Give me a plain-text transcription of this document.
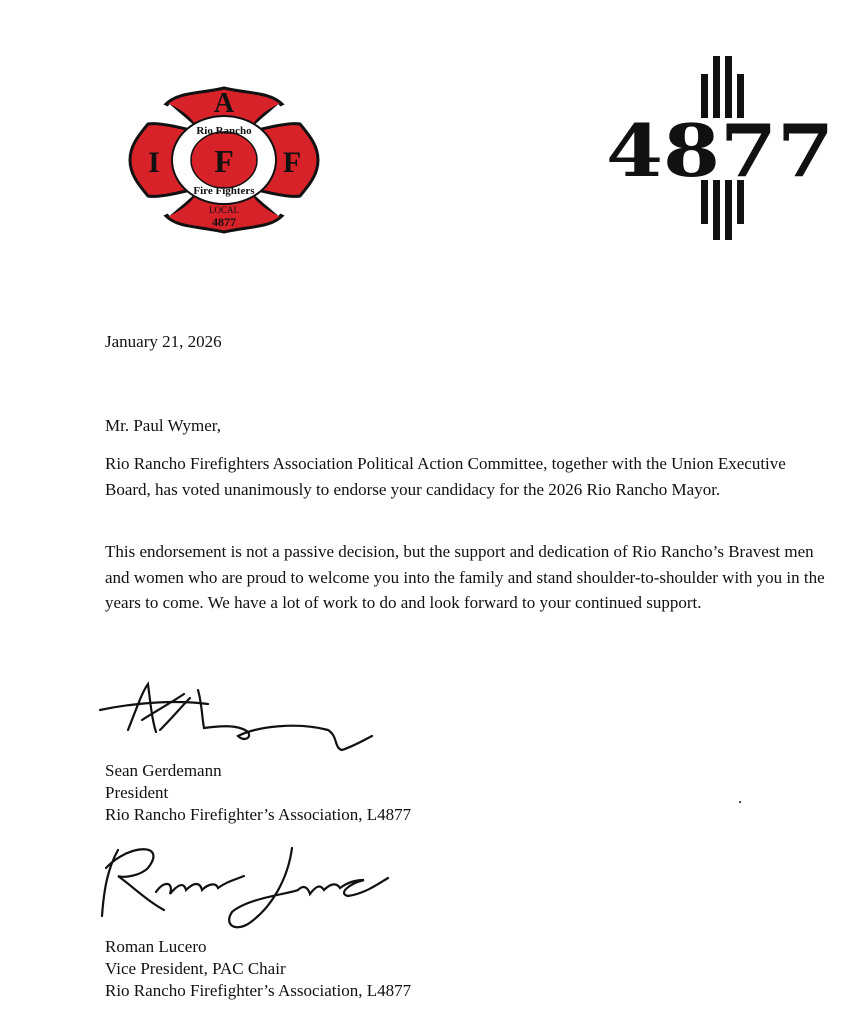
A
I F F
Rio Rancho
Fire Fighters
LOCAL
4877
4877
January 21, 2026
Mr. Paul Wymer,
Rio Rancho Firefighters Association Political Action Committee, together with the Union Executive Board, has voted unanimously to endorse your candidacy for the 2026 Rio Rancho Mayor.
This endorsement is not a passive decision, but the support and dedication of Rio Rancho’s Bravest men and women who are proud to welcome you into the family and stand shoulder-to-shoulder with you in the years to come. We have a lot of work to do and look forward to your continued support.
Sean Gerdemann
President
Rio Rancho Firefighter’s Association, L4877
.
Roman Lucero
Vice President, PAC Chair
Rio Rancho Firefighter’s Association, L4877
